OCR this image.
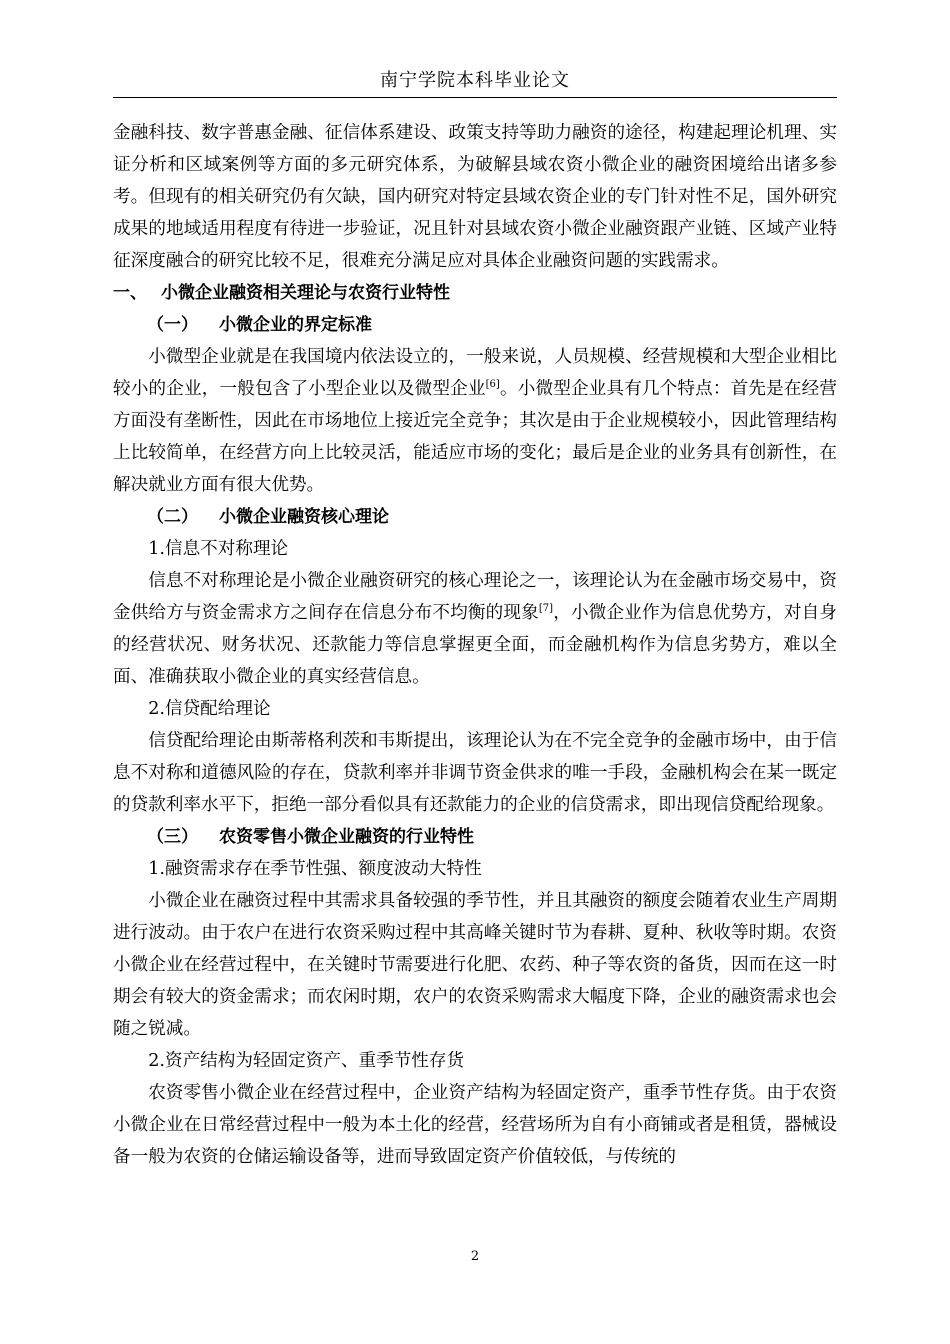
南宁学院本科毕业论文

金融科技、数字普惠金融、征信体系建设、政策支持等助力融资的途径，构建起理论机理、实证分析和区域案例等方面的多元研究体系，为破解县域农资小微企业的融资困境给出诸多参考。但现有的相关研究仍有欠缺，国内研究对特定县域农资企业的专门针对性不足，国外研究成果的地域适用程度有待进一步验证，况且针对县域农资小微企业融资跟产业链、区域产业特征深度融合的研究比较不足，很难充分满足应对具体企业融资问题的实践需求。

一、 小微企业融资相关理论与农资行业特性

（一） 小微企业的界定标准

小微型企业就是在我国境内依法设立的，一般来说，人员规模、经营规模和大型企业相比较小的企业，一般包含了小型企业以及微型企业[6]。小微型企业具有几个特点：首先是在经营方面没有垄断性，因此在市场地位上接近完全竞争；其次是由于企业规模较小，因此管理结构上比较简单，在经营方向上比较灵活，能适应市场的变化；最后是企业的业务具有创新性，在解决就业方面有很大优势。

（二） 小微企业融资核心理论

1.信息不对称理论

信息不对称理论是小微企业融资研究的核心理论之一，该理论认为在金融市场交易中，资金供给方与资金需求方之间存在信息分布不均衡的现象[7]，小微企业作为信息优势方，对自身的经营状况、财务状况、还款能力等信息掌握更全面，而金融机构作为信息劣势方，难以全面、准确获取小微企业的真实经营信息。

2.信贷配给理论

信贷配给理论由斯蒂格利茨和韦斯提出，该理论认为在不完全竞争的金融市场中，由于信息不对称和道德风险的存在，贷款利率并非调节资金供求的唯一手段，金融机构会在某一既定的贷款利率水平下，拒绝一部分看似具有还款能力的企业的信贷需求，即出现信贷配给现象。

（三） 农资零售小微企业融资的行业特性

1.融资需求存在季节性强、额度波动大特性

小微企业在融资过程中其需求具备较强的季节性，并且其融资的额度会随着农业生产周期进行波动。由于农户在进行农资采购过程中其高峰关键时节为春耕、夏种、秋收等时期。农资小微企业在经营过程中，在关键时节需要进行化肥、农药、种子等农资的备货，因而在这一时期会有较大的资金需求；而农闲时期，农户的农资采购需求大幅度下降，企业的融资需求也会随之锐减。

2.资产结构为轻固定资产、重季节性存货

农资零售小微企业在经营过程中，企业资产结构为轻固定资产，重季节性存货。由于农资小微企业在日常经营过程中一般为本土化的经营，经营场所为自有小商铺或者是租赁，器械设备一般为农资的仓储运输设备等，进而导致固定资产价值较低，与传统的

2
